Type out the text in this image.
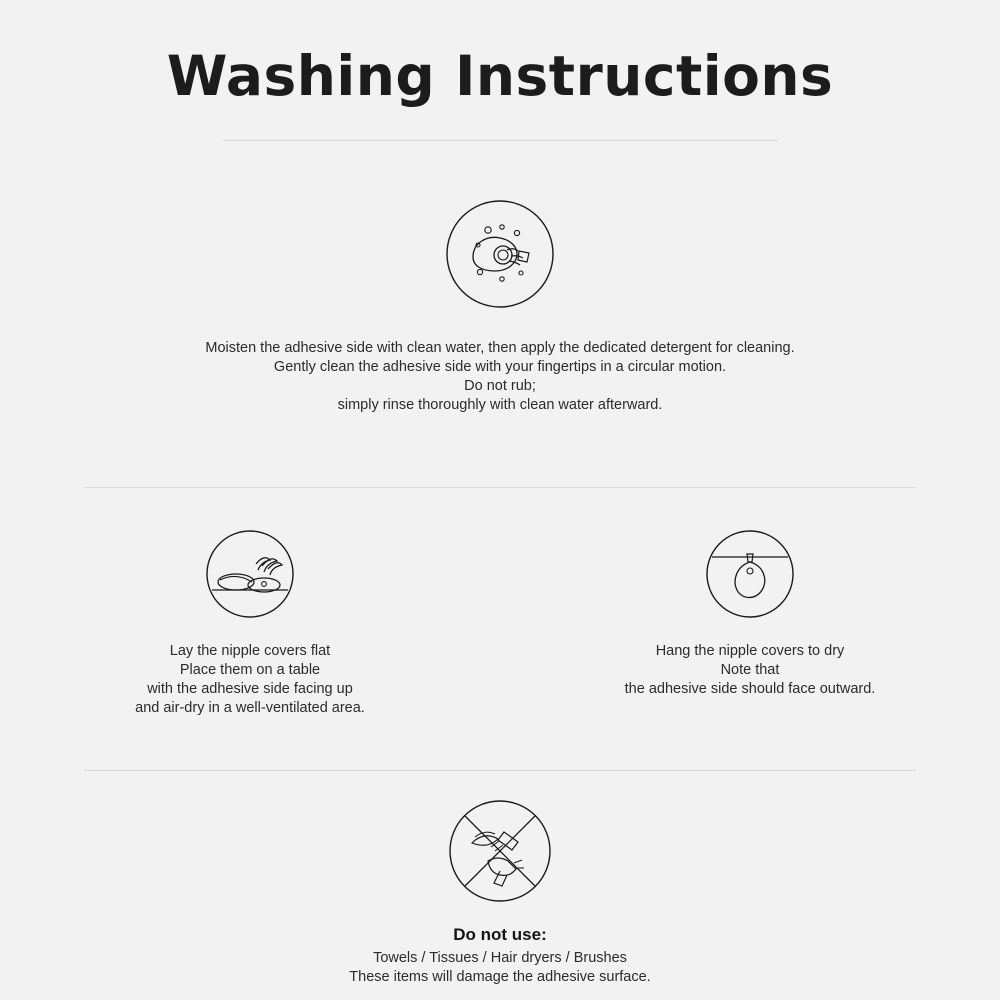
Washing Instructions
Moisten the adhesive side with clean water, then apply the dedicated detergent for cleaning.
Gently clean the adhesive side with your fingertips in a circular motion.
Do not rub;
simply rinse thoroughly with clean water afterward.
Lay the nipple covers flat
Place them on a table
with the adhesive side facing up
and air-dry in a well-ventilated area.
Hang the nipple covers to dry
Note that
the adhesive side should face outward.
Do not use:
Towels / Tissues / Hair dryers / Brushes
These items will damage the adhesive surface.
